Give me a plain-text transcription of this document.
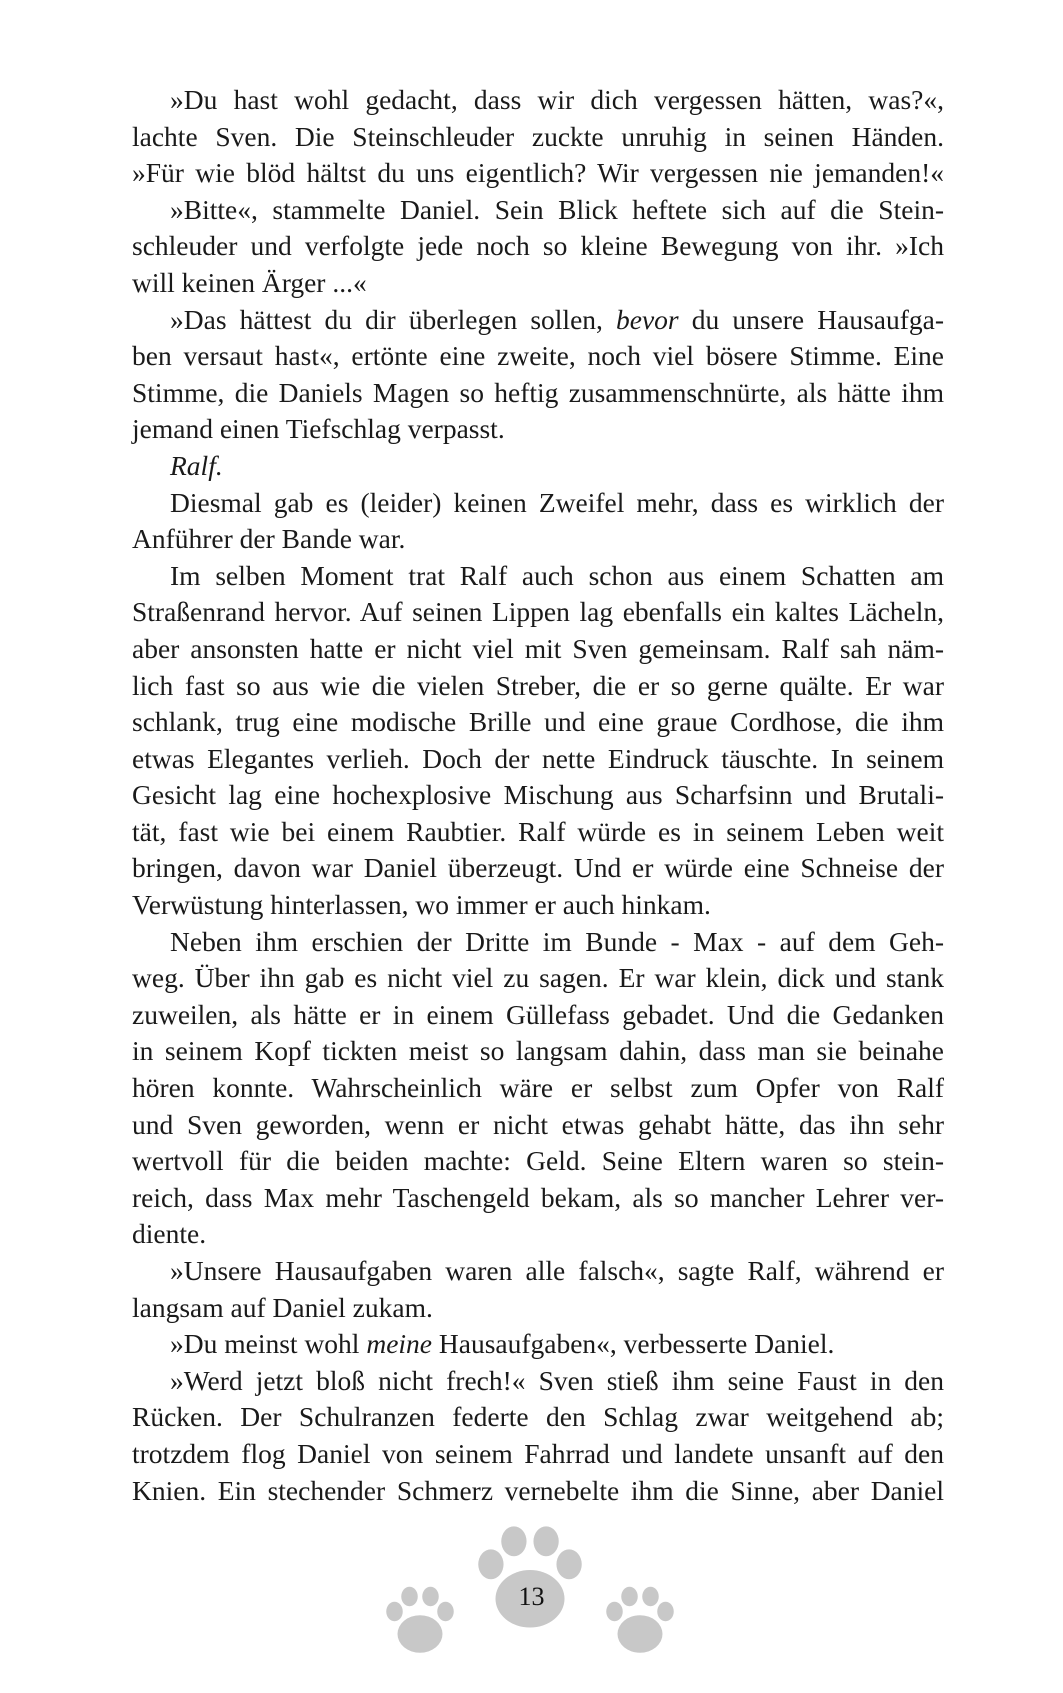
»Du hast wohl gedacht, dass wir dich vergessen hätten, was?«,
lachte Sven. Die Steinschleuder zuckte unruhig in seinen Händen.
»Für wie blöd hältst du uns eigentlich? Wir vergessen nie jemanden!«
»Bitte«, stammelte Daniel. Sein Blick heftete sich auf die Stein-
schleuder und verfolgte jede noch so kleine Bewegung von ihr. »Ich
will keinen Ärger ...«
»Das hättest du dir überlegen sollen, bevor du unsere Hausaufga-
ben versaut hast«, ertönte eine zweite, noch viel bösere Stimme. Eine
Stimme, die Daniels Magen so heftig zusammenschnürte, als hätte ihm
jemand einen Tiefschlag verpasst.
Ralf.
Diesmal gab es (leider) keinen Zweifel mehr, dass es wirklich der
Anführer der Bande war.
Im selben Moment trat Ralf auch schon aus einem Schatten am
Straßenrand hervor. Auf seinen Lippen lag ebenfalls ein kaltes Lächeln,
aber ansonsten hatte er nicht viel mit Sven gemeinsam. Ralf sah näm-
lich fast so aus wie die vielen Streber, die er so gerne quälte. Er war
schlank, trug eine modische Brille und eine graue Cordhose, die ihm
etwas Elegantes verlieh. Doch der nette Eindruck täuschte. In seinem
Gesicht lag eine hochexplosive Mischung aus Scharfsinn und Brutali-
tät, fast wie bei einem Raubtier. Ralf würde es in seinem Leben weit
bringen, davon war Daniel überzeugt. Und er würde eine Schneise der
Verwüstung hinterlassen, wo immer er auch hinkam.
Neben ihm erschien der Dritte im Bunde - Max - auf dem Geh-
weg. Über ihn gab es nicht viel zu sagen. Er war klein, dick und stank
zuweilen, als hätte er in einem Güllefass gebadet. Und die Gedanken
in seinem Kopf tickten meist so langsam dahin, dass man sie beinahe
hören konnte. Wahrscheinlich wäre er selbst zum Opfer von Ralf
und Sven geworden, wenn er nicht etwas gehabt hätte, das ihn sehr
wertvoll für die beiden machte: Geld. Seine Eltern waren so stein-
reich, dass Max mehr Taschengeld bekam, als so mancher Lehrer ver-
diente.
»Unsere Hausaufgaben waren alle falsch«, sagte Ralf, während er
langsam auf Daniel zukam.
»Du meinst wohl meine Hausaufgaben«, verbesserte Daniel.
»Werd jetzt bloß nicht frech!« Sven stieß ihm seine Faust in den
Rücken. Der Schulranzen federte den Schlag zwar weitgehend ab;
trotzdem flog Daniel von seinem Fahrrad und landete unsanft auf den
Knien. Ein stechender Schmerz vernebelte ihm die Sinne, aber Daniel
13
